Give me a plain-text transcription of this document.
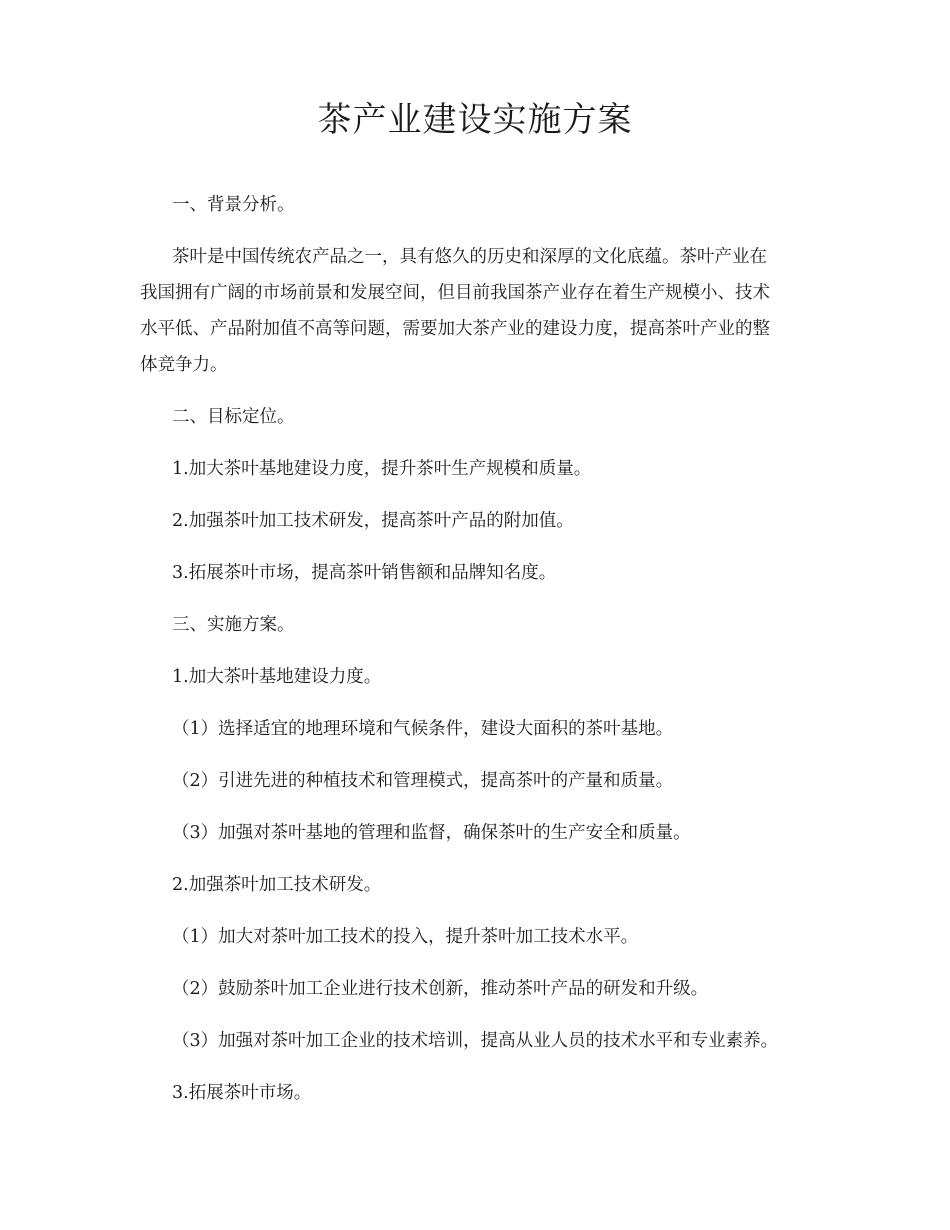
茶产业建设实施方案

一、背景分析。

茶叶是中国传统农产品之一，具有悠久的历史和深厚的文化底蕴。茶叶产业在

我国拥有广阔的市场前景和发展空间，但目前我国茶产业存在着生产规模小、技术

水平低、产品附加值不高等问题，需要加大茶产业的建设力度，提高茶叶产业的整

体竞争力。

二、目标定位。

1.加大茶叶基地建设力度，提升茶叶生产规模和质量。

2.加强茶叶加工技术研发，提高茶叶产品的附加值。

3.拓展茶叶市场，提高茶叶销售额和品牌知名度。

三、实施方案。

1.加大茶叶基地建设力度。

（1）选择适宜的地理环境和气候条件，建设大面积的茶叶基地。

（2）引进先进的种植技术和管理模式，提高茶叶的产量和质量。

（3）加强对茶叶基地的管理和监督，确保茶叶的生产安全和质量。

2.加强茶叶加工技术研发。

（1）加大对茶叶加工技术的投入，提升茶叶加工技术水平。

（2）鼓励茶叶加工企业进行技术创新，推动茶叶产品的研发和升级。

（3）加强对茶叶加工企业的技术培训，提高从业人员的技术水平和专业素养。

3.拓展茶叶市场。
